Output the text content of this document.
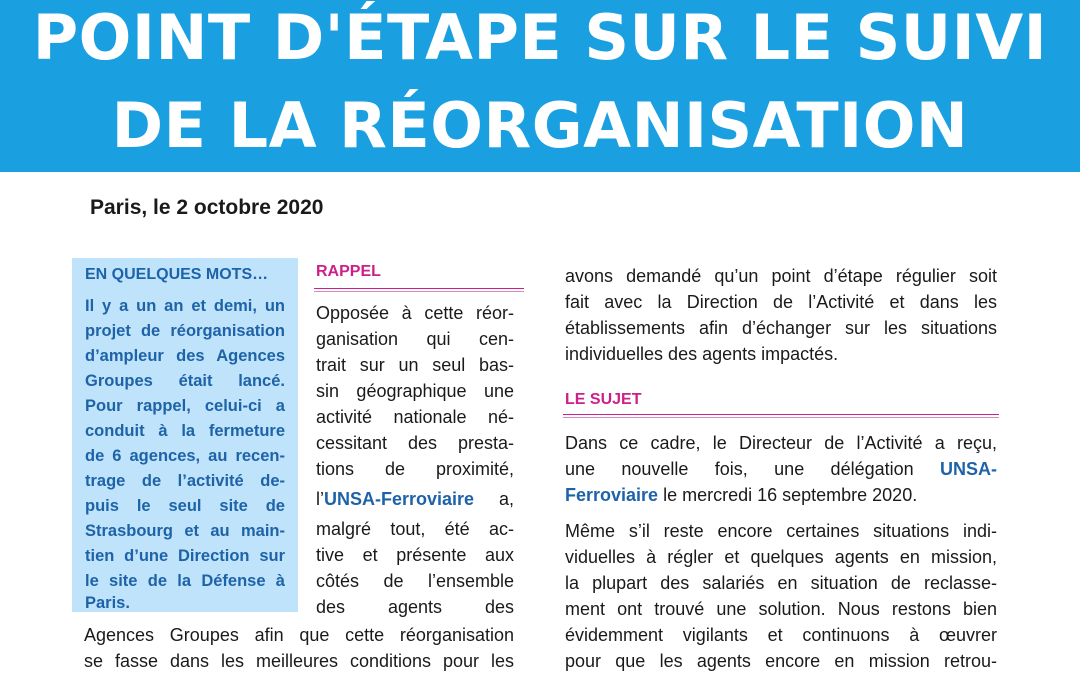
POINT D'ÉTAPE SUR LE SUIVI
DE LA RÉORGANISATION
Paris, le 2 octobre 2020
EN QUELQUES MOTS…
Il y a un an et demi, un
projet de réorganisation
d’ampleur des Agences
Groupes était lancé.
Pour rappel, celui-ci a
conduit à la fermeture
de 6 agences, au recen-
trage de l’activité de-
puis le seul site de
Strasbourg et au main-
tien d’une Direction sur
le site de la Défense à
Paris.
RAPPEL
Opposée à cette réor-
ganisation qui cen-
trait sur un seul bas-
sin géographique une
activité nationale né-
cessitant des presta-
tions de proximité,
l’UNSA-Ferroviaire a,
malgré tout, été ac-
tive et présente aux
côtés de l’ensemble
des agents des
Agences Groupes afin que cette réorganisation
se fasse dans les meilleures conditions pour les
avons demandé qu’un point d’étape régulier soit
fait avec la Direction de l’Activité et dans les
établissements afin d’échanger sur les situations
individuelles des agents impactés.
LE SUJET
Dans ce cadre, le Directeur de l’Activité a reçu,
une nouvelle fois, une délégation UNSA-
Ferroviaire le mercredi 16 septembre 2020.
Même s’il reste encore certaines situations indi-
viduelles à régler et quelques agents en mission,
la plupart des salariés en situation de reclasse-
ment ont trouvé une solution. Nous restons bien
évidemment vigilants et continuons à œuvrer
pour que les agents encore en mission retrou-
